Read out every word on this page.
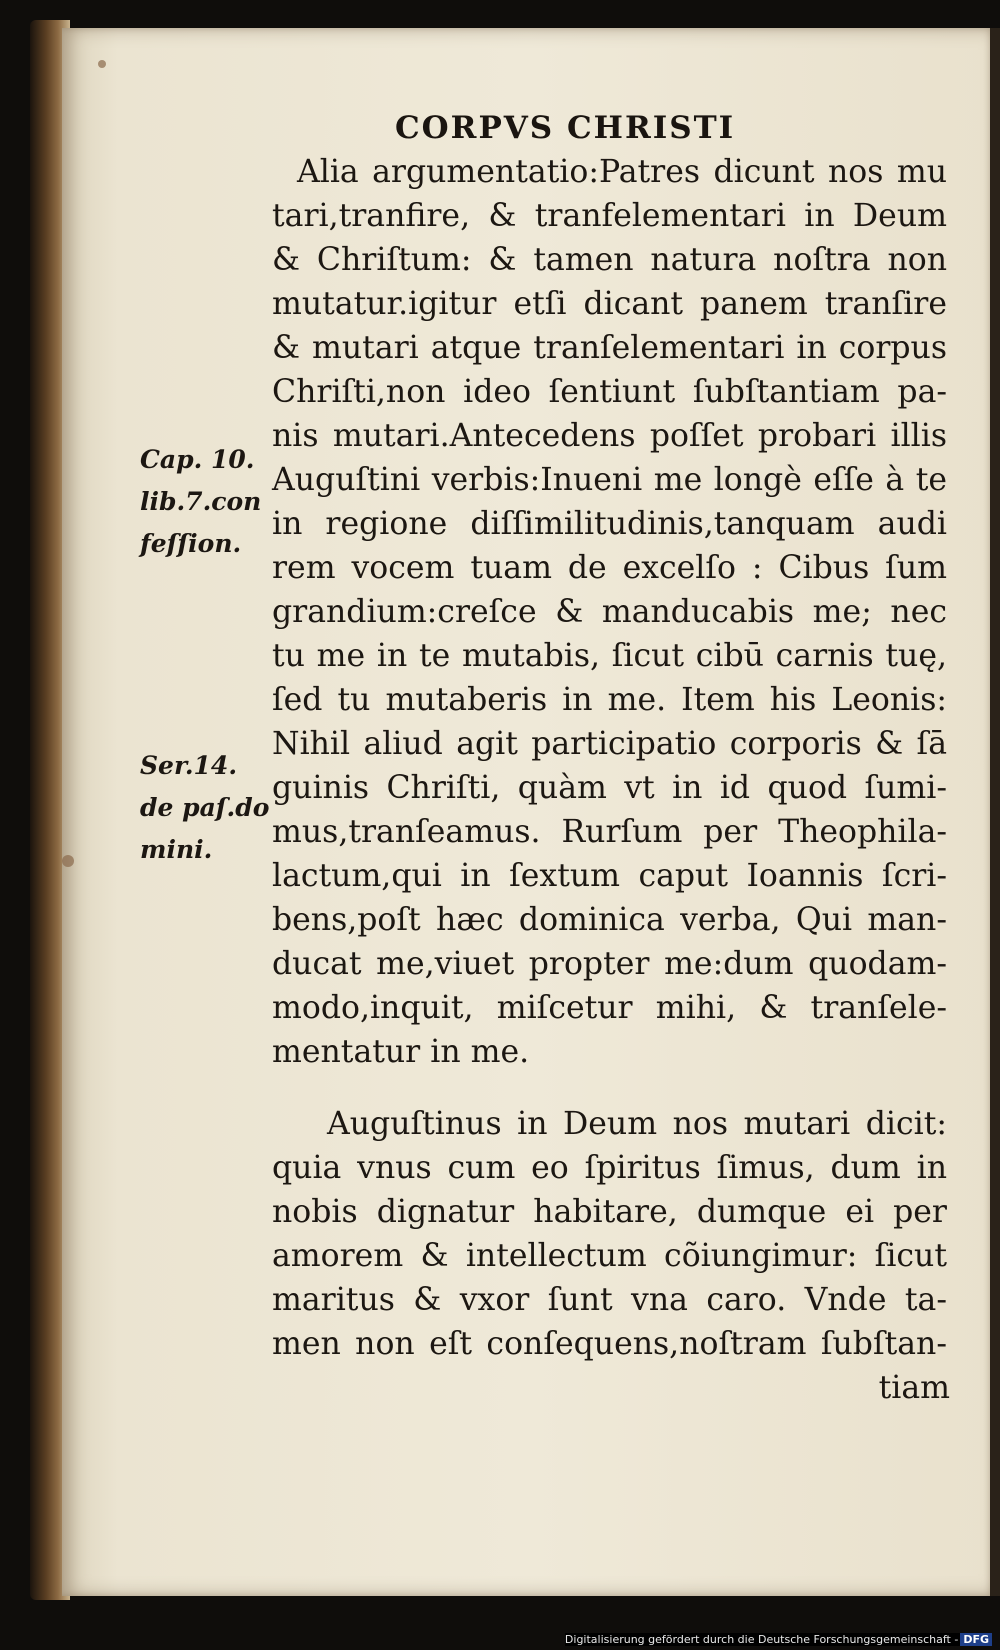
CORPVS CHRISTI
Alia argumentatio:Patres dicunt nos mu
tari,tranfire, & tranfelementari in Deum
& Chriſtum: & tamen natura noſtra non
mutatur.igitur etſi dicant panem tranſire
& mutari atque tranſelementari in corpus
Chriſti,non ideo ſentiunt ſubſtantiam pa-
nis mutari.Antecedens poſſet probari illis
Auguſtini verbis:Inueni me longè eſſe à te
in regione diſſimilitudinis,tanquam audi
rem vocem tuam de excelſo : Cibus ſum
grandium:creſce & manducabis me; nec
tu me in te mutabis, ſicut cibū carnis tuę,
ſed tu mutaberis in me. Item his Leonis:
Nihil aliud agit participatio corporis & ſā
guinis Chriſti, quàm vt in id quod ſumi-
mus,tranſeamus. Rurſum per Theophila-
lactum,qui in ſextum caput Ioannis ſcri-
bens,poſt hæc dominica verba, Qui man-
ducat me,viuet propter me:dum quodam-
modo,inquit, miſcetur mihi, & tranſele-
mentatur in me.
Auguſtinus in Deum nos mutari dicit:
quia vnus cum eo ſpiritus ſimus, dum in
nobis dignatur habitare, dumque ei per
amorem & intellectum cõiungimur: ſicut
maritus & vxor ſunt vna caro. Vnde ta-
men non eſt conſequens,noſtram ſubſtan-
tiam
Cap. 10.
lib.7.con
feſſion.
Ser.14.
de paſ.do
mini.
Digitalisierung gefördert durch die Deutsche Forschungsgemeinschaft - DFG
